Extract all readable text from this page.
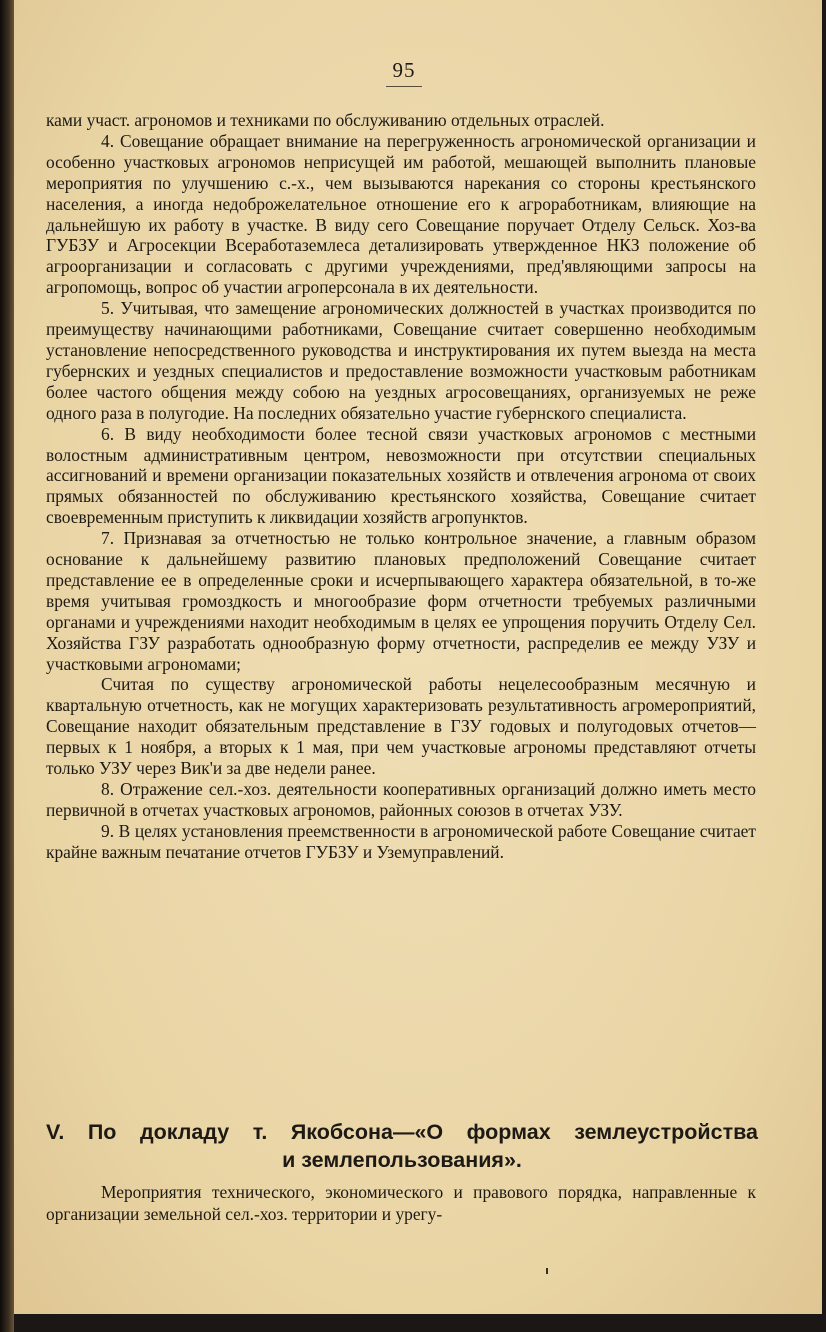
95

ками участ. агрономов и техниками по обслуживанию отдельных отраслей.

4. Совещание обращает внимание на перегруженность агрономической организации и особенно участковых агрономов неприсущей им работой, мешающей выполнить плановые мероприятия по улучшению с.-х., чем вызываются нарекания со стороны крестьянского населения, а иногда недоброжелательное отношение его к агроработникам, влияющие на дальнейшую их работу в участке. В виду сего Совещание поручает Отделу Сельск. Хоз-ва ГУБЗУ и Агросекции Всеработаземлеса детализировать утвержденное НКЗ положение об агроорганизации и согласовать с другими учреждениями, пред'являющими запросы на агропомощь, вопрос об участии агроперсонала в их деятельности.

5. Учитывая, что замещение агрономических должностей в участках производится по преимуществу начинающими работниками, Совещание считает совершенно необходимым установление непосредственного руководства и инструктирования их путем выезда на места губернских и уездных специалистов и предоставление возможности участковым работникам более частого общения между собою на уездных агросовещаниях, организуемых не реже одного раза в полугодие. На последних обязательно участие губернского специалиста.

6. В виду необходимости более тесной связи участковых агрономов с местными волостным административным центром, невозможности при отсутствии специальных ассигнований и времени организации показательных хозяйств и отвлечения агронома от своих прямых обязанностей по обслуживанию крестьянского хозяйства, Совещание считает своевременным приступить к ликвидации хозяйств агропунктов.

7. Признавая за отчетностью не только контрольное значение, а главным образом основание к дальнейшему развитию плановых предположений Совещание считает представление ее в определенные сроки и исчерпывающего характера обязательной, в то-же время учитывая громоздкость и многообразие форм отчетности требуемых различными органами и учреждениями находит необходимым в целях ее упрощения поручить Отделу Сел. Хозяйства ГЗУ разработать однообразную форму отчетности, распределив ее между УЗУ и участковыми агрономами;

Считая по существу агрономической работы нецелесообразным месячную и квартальную отчетность, как не могущих характеризовать результативность агромероприятий, Совещание находит обязательным представление в ГЗУ годовых и полугодовых отчетов—первых к 1 ноября, а вторых к 1 мая, при чем участковые агрономы представляют отчеты только УЗУ через Вик'и за две недели ранее.

8. Отражение сел.-хоз. деятельности кооперативных организаций должно иметь место первичной в отчетах участковых агрономов, районных союзов в отчетах УЗУ.

9. В целях установления преемственности в агрономической работе Совещание считает крайне важным печатание отчетов ГУБЗУ и Уземуправлений.

V. По докладу т. Якобсона—«О формах землеустройства
и землепользования».

Мероприятия технического, экономического и правового порядка, направленные к организации земельной сел.-хоз. территории и урегу-
